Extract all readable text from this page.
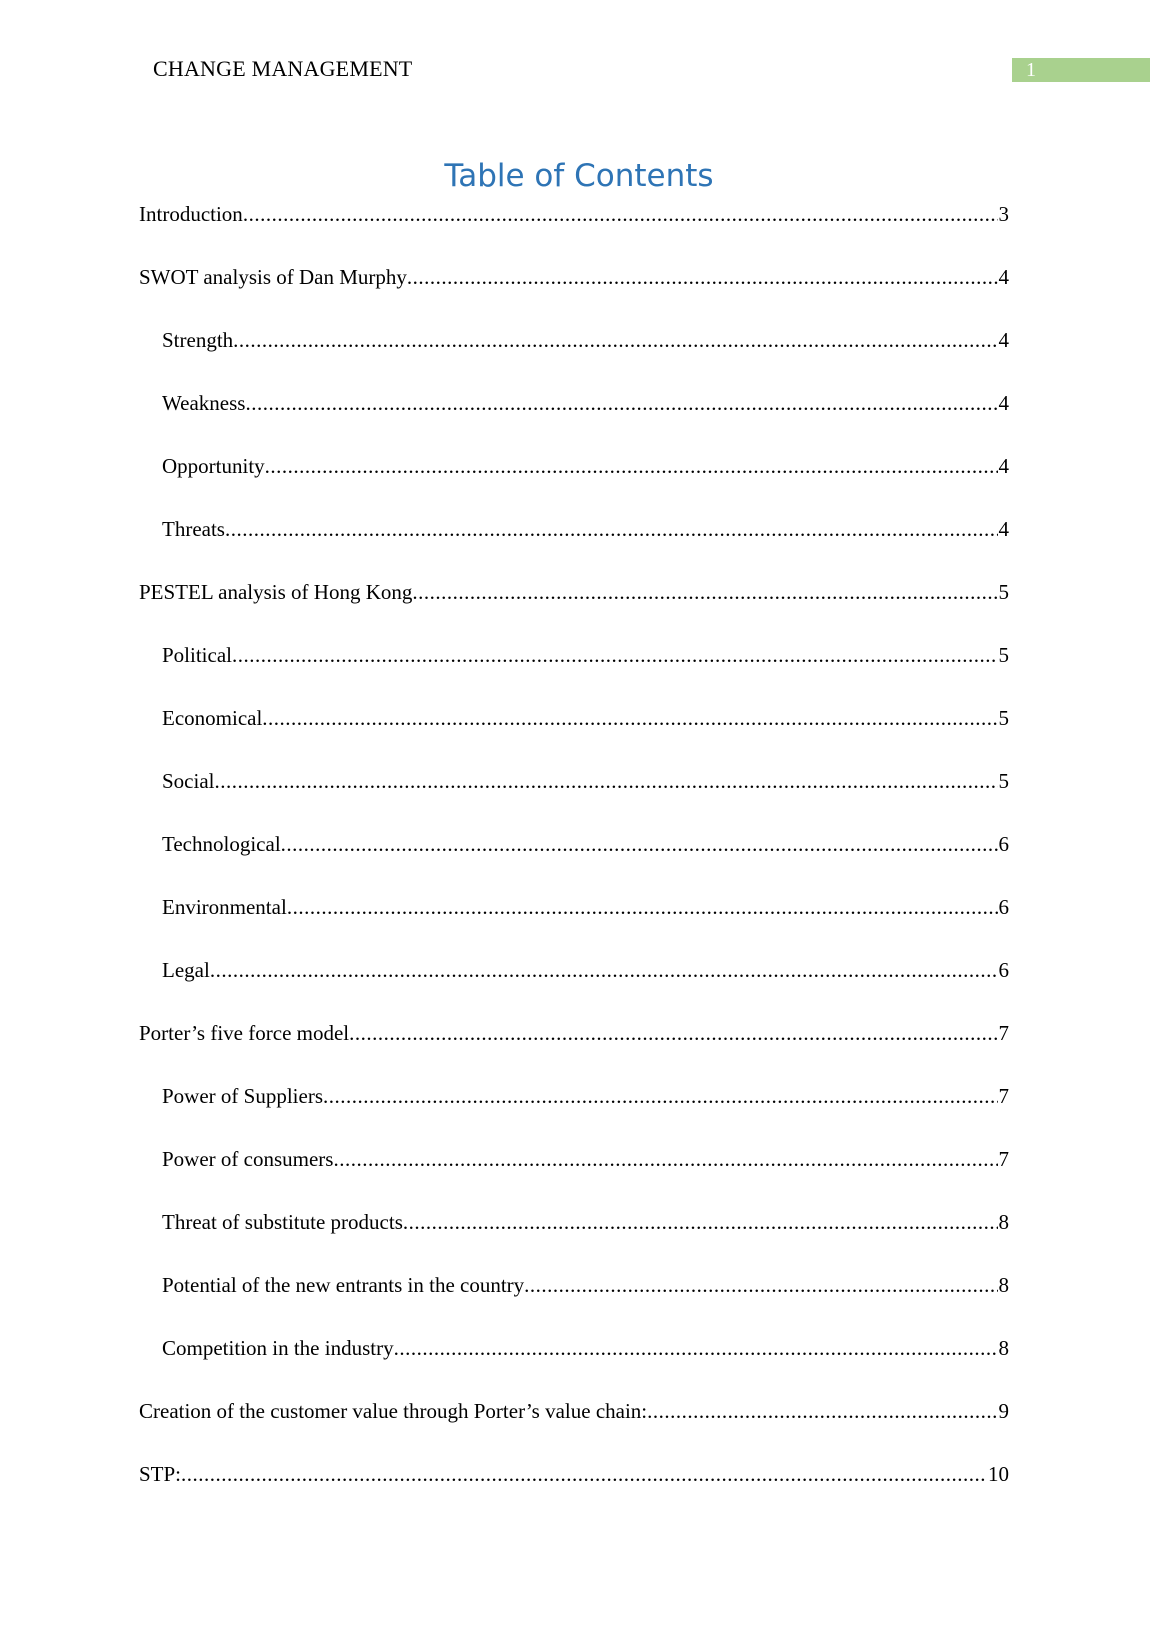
CHANGE MANAGEMENT	1
Table of Contents
Introduction .....	3
SWOT analysis of Dan Murphy .....	4
Strength .....	4
Weakness .....	4
Opportunity .....	4
Threats .....	4
PESTEL analysis of Hong Kong .....	5
Political .....	5
Economical .....	5
Social .....	5
Technological .....	6
Environmental .....	6
Legal .....	6
Porter’s five force model .....	7
Power of Suppliers .....	7
Power of consumers .....	7
Threat of substitute products .....	8
Potential of the new entrants in the country .....	8
Competition in the industry .....	8
Creation of the customer value through Porter’s value chain: .....	9
STP: .....	10
